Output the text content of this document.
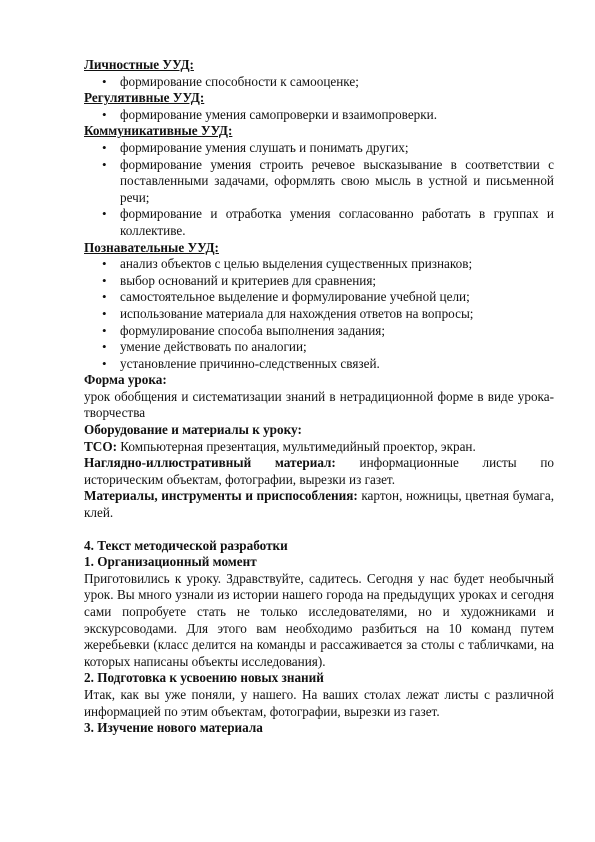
Личностные УУД:

• формирование способности к самооценке;

Регулятивные УУД:

• формирование умения самопроверки и взаимопроверки.

Коммуникативные УУД:

• формирование умения слушать и понимать других;
• формирование умения строить речевое высказывание в соответствии с поставленными задачами, оформлять свою мысль в устной и письменной речи;
• формирование и отработка умения согласованно работать в группах и коллективе.

Познавательные УУД:

• анализ объектов с целью выделения существенных признаков;
• выбор оснований и критериев для сравнения;
• самостоятельное выделение и формулирование учебной цели;
• использование материала для нахождения ответов на вопросы;
• формулирование способа выполнения задания;
• умение действовать по аналогии;
• установление причинно-следственных связей.

Форма урока:

урок обобщения и систематизации знаний в нетрадиционной форме в виде урока-творчества

Оборудование и материалы к уроку:

ТСО: Компьютерная презентация, мультимедийный проектор, экран.

Наглядно-иллюстративный материал: информационные листы по историческим объектам, фотографии, вырезки из газет.

Материалы, инструменты и приспособления: картон, ножницы, цветная бумага, клей.

4. Текст методической разработки

1. Организационный момент

Приготовились к уроку. Здравствуйте, садитесь. Сегодня у нас будет необычный урок. Вы много узнали из истории нашего города на предыдущих уроках и сегодня сами попробуете стать не только исследователями, но и художниками и экскурсоводами. Для этого вам необходимо разбиться на 10 команд путем жеребьевки (класс делится на команды и рассаживается за столы с табличками, на которых написаны объекты исследования).

2. Подготовка к усвоению новых знаний

Итак, как вы уже поняли, у нашего. На ваших столах лежат листы с различной информацией по этим объектам, фотографии, вырезки из газет.

3. Изучение нового материала
